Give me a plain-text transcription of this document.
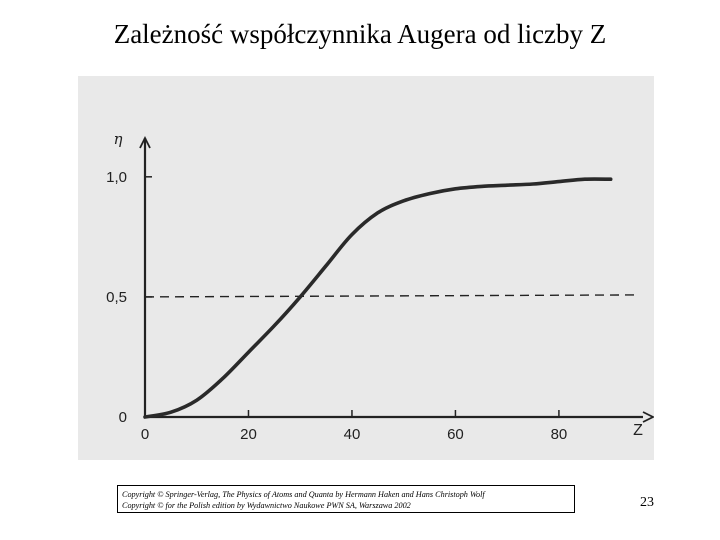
Zależność współczynnika Augera od liczby Z
0	20	40	60	80
0
0,5
1,0
Z
η
Copyright © Springer-Verlag, The Physics of Atoms and Quanta by Hermann Haken and Hans Christoph Wolf
Copyright © for the Polish edition by Wydawnictwo Naukowe PWN SA, Warszawa 2002	23
